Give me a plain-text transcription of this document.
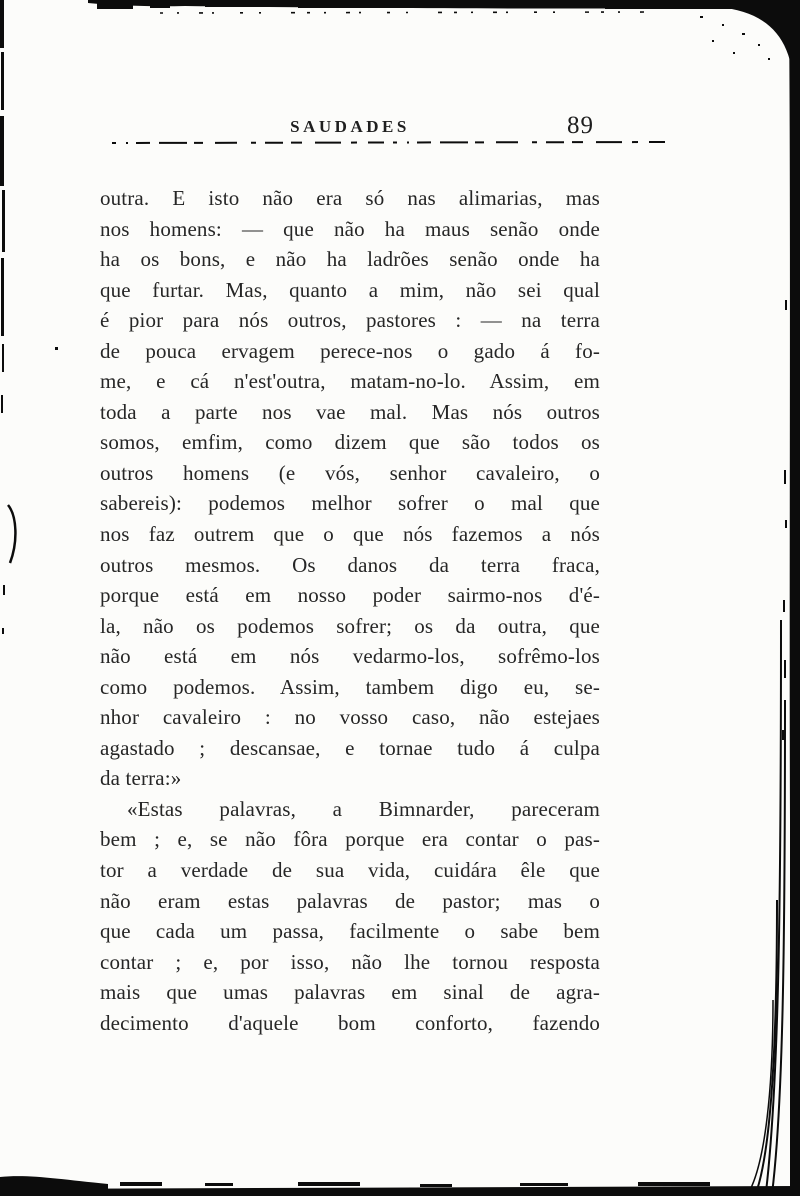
SAUDADES	89
outra. E isto não era só nas alimarias, mas
nos homens: — que não ha maus senão onde
ha os bons, e não ha ladrões senão onde ha
que furtar. Mas, quanto a mim, não sei qual
é pior para nós outros, pastores : — na terra
de pouca ervagem perece-nos o gado á fo-
me, e cá n'est'outra, matam-no-lo. Assim, em
toda a parte nos vae mal. Mas nós outros
somos, emfim, como dizem que são todos os
outros homens (e vós, senhor cavaleiro, o
sabereis): podemos melhor sofrer o mal que
nos faz outrem que o que nós fazemos a nós
outros mesmos. Os danos da terra fraca,
porque está em nosso poder sairmo-nos d'é-
la, não os podemos sofrer; os da outra, que
não está em nós vedarmo-los, sofrêmo-los
como podemos. Assim, tambem digo eu, se-
nhor cavaleiro : no vosso caso, não estejaes
agastado ; descansae, e tornae tudo á culpa
da terra:»
«Estas palavras, a Bimnarder, pareceram
bem ; e, se não fôra porque era contar o pas-
tor a verdade de sua vida, cuidára êle que
não eram estas palavras de pastor; mas o
que cada um passa, facilmente o sabe bem
contar ; e, por isso, não lhe tornou resposta
mais que umas palavras em sinal de agra-
decimento d'aquele bom conforto, fazendo
